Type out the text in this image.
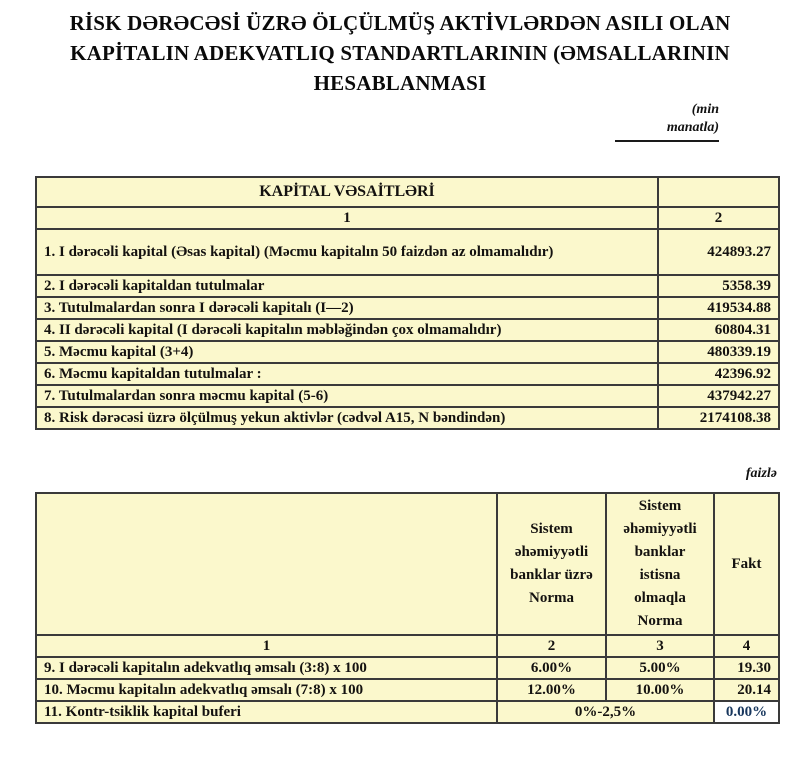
RİSK DƏRƏCƏSİ ÜZRƏ ÖLÇÜLMÜŞ AKTİVLƏRDƏN ASILI OLAN
KAPİTALIN ADEKVATLIQ STANDARTLARININ (ƏMSALLARININ
HESABLANMASI
(min
manatla)
KAPİTAL VƏSAİTLƏRİ	
1	2
1. I dərəcəli kapital (Əsas kapital) (Məcmu kapitalın 50 faizdən az olmamalıdır)	424893.27
2. I dərəcəli kapitaldan tutulmalar	5358.39
3. Tutulmalardan sonra I dərəcəli kapitalı (I—2)	419534.88
4. II dərəcəli kapital (I dərəcəli kapitalın məbləğindən çox olmamalıdır)	60804.31
5. Məcmu kapital (3+4)	480339.19
6. Məcmu kapitaldan tutulmalar :	42396.92
7. Tutulmalardan sonra məcmu kapital (5-6)	437942.27
8. Risk dərəcəsi üzrə ölçülmuş yekun aktivlər (cədvəl A15, N bəndindən)	2174108.38
faizlə
	Sistem əhəmiyyətli banklar üzrə Norma	Sistem əhəmiyyətli banklar istisna olmaqla Norma	Fakt
1	2	3	4
9. I dərəcəli kapitalın adekvatlıq əmsalı (3:8) x 100	6.00%	5.00%	19.30
10. Məcmu kapitalın adekvatlıq əmsalı (7:8) x 100	12.00%	10.00%	20.14
11. Kontr-tsiklik kapital buferi	0%-2,5%		0.00%
